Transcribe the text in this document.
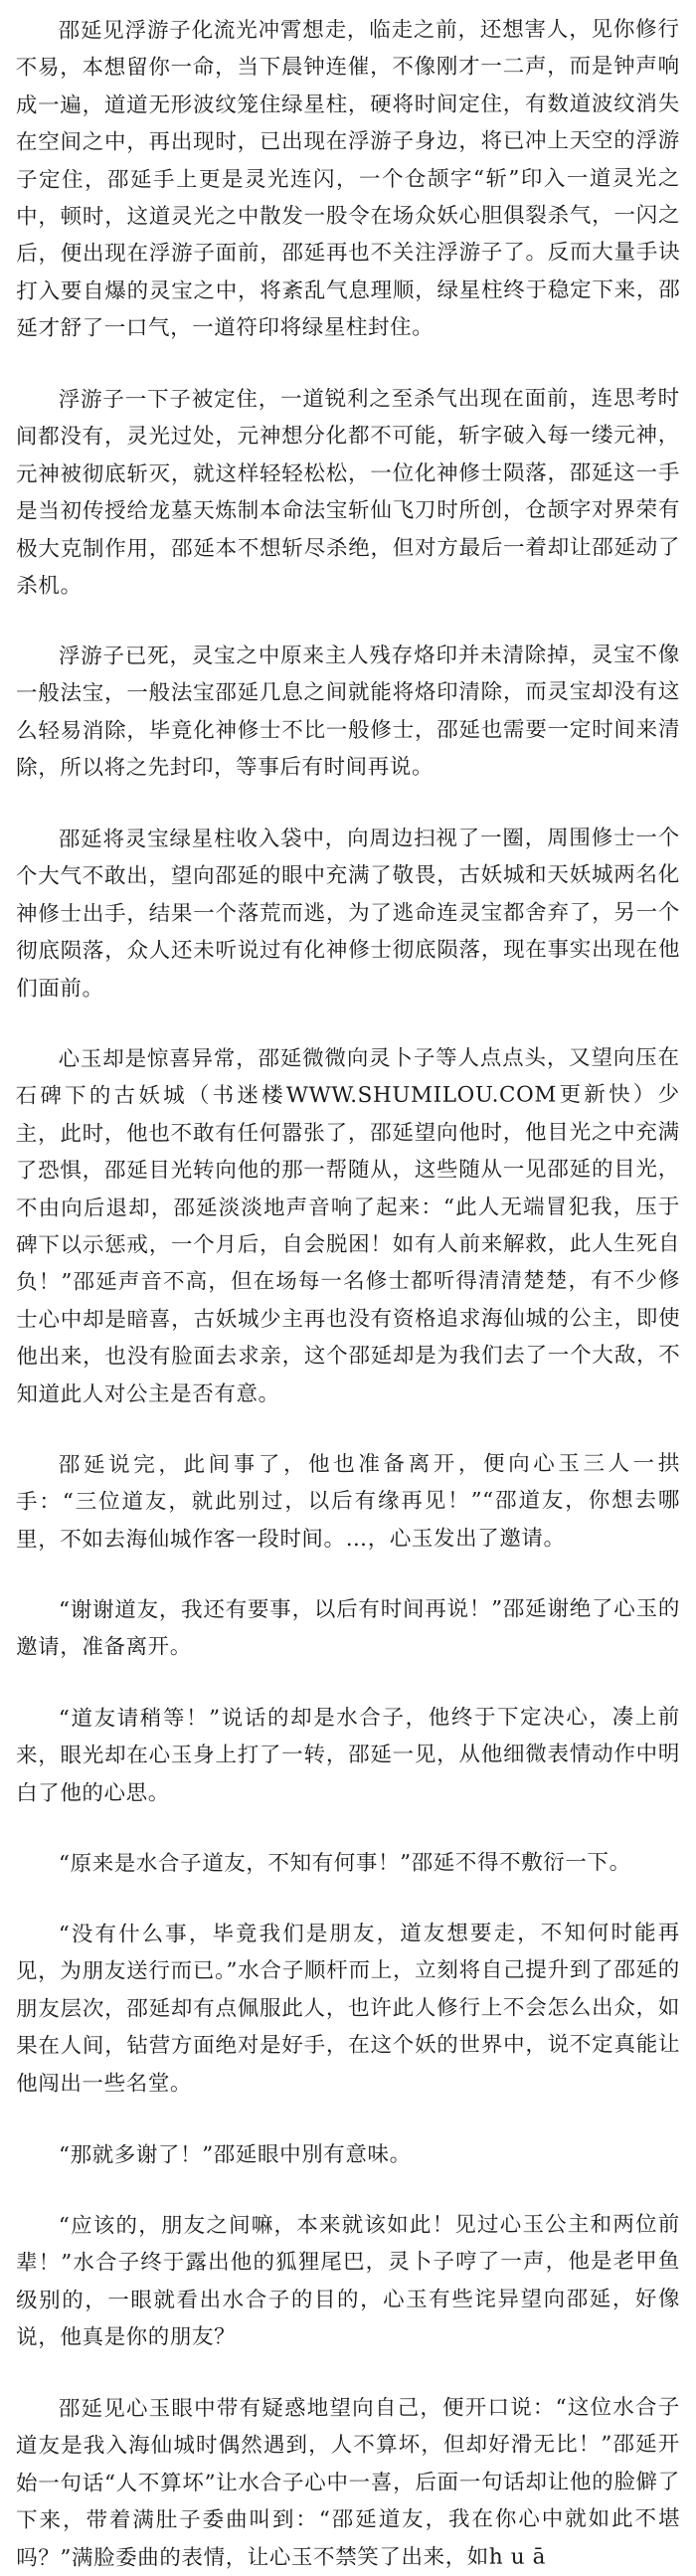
邵延见浮游子化流光冲霄想走，临走之前，还想害人，见你修行不易，本想留你一命，当下晨钟连催，不像刚才一二声，而是钟声响成一遍，道道无形波纹笼住绿星柱，硬将时间定住，有数道波纹消失在空间之中，再出现时，已出现在浮游子身边，将已冲上天空的浮游子定住，邵延手上更是灵光连闪，一个仓颉字“斩”印入一道灵光之中，顿时，这道灵光之中散发一股令在场众妖心胆俱裂杀气，一闪之后，便出现在浮游子面前，邵延再也不关注浮游子了。反而大量手诀打入要自爆的灵宝之中，将紊乱气息理顺，绿星柱终于稳定下来，邵延才舒了一口气，一道符印将绿星柱封住。

浮游子一下子被定住，一道锐利之至杀气出现在面前，连思考时间都没有，灵光过处，元神想分化都不可能，斩字破入每一缕元神，元神被彻底斩灭，就这样轻轻松松，一位化神修士陨落，邵延这一手是当初传授给龙墓天炼制本命法宝斩仙飞刀时所创，仓颉字对界荣有极大克制作用，邵延本不想斩尽杀绝，但对方最后一着却让邵延动了杀机。

浮游子已死，灵宝之中原来主人残存烙印并未清除掉，灵宝不像一般法宝，一般法宝邵延几息之间就能将烙印清除，而灵宝却没有这么轻易消除，毕竟化神修士不比一般修士，邵延也需要一定时间来清除，所以将之先封印，等事后有时间再说。

邵延将灵宝绿星柱收入袋中，向周边扫视了一圈，周围修士一个个大气不敢出，望向邵延的眼中充满了敬畏，古妖城和天妖城两名化神修士出手，结果一个落荒而逃，为了逃命连灵宝都舍弃了，另一个彻底陨落，众人还未听说过有化神修士彻底陨落，现在事实出现在他们面前。

心玉却是惊喜异常，邵延微微向灵卜子等人点点头，又望向压在石碑下的古妖城（书迷楼WWW.SHUMILOU.COM更新快）少主，此时，他也不敢有任何嚣张了，邵延望向他时，他目光之中充满了恐惧，邵延目光转向他的那一帮随从，这些随从一见邵延的目光，不由向后退却，邵延淡淡地声音响了起来：“此人无端冒犯我，压于碑下以示惩戒，一个月后，自会脱困！如有人前来解救，此人生死自负！”邵延声音不高，但在场每一名修士都听得清清楚楚，有不少修士心中却是暗喜，古妖城少主再也没有资格追求海仙城的公主，即使他出来，也没有脸面去求亲，这个邵延却是为我们去了一个大敌，不知道此人对公主是否有意。

邵延说完，此间事了，他也准备离开，便向心玉三人一拱手：“三位道友，就此别过，以后有缘再见！”“邵道友，你想去哪里，不如去海仙城作客一段时间。…，心玉发出了邀请。

“谢谢道友，我还有要事，以后有时间再说！”邵延谢绝了心玉的邀请，准备离开。

“道友请稍等！”说话的却是水合子，他终于下定决心，凑上前来，眼光却在心玉身上打了一转，邵延一见，从他细微表情动作中明白了他的心思。

“原来是水合子道友，不知有何事！”邵延不得不敷衍一下。

“没有什么事，毕竟我们是朋友，道友想要走，不知何时能再见，为朋友送行而已。”水合子顺杆而上，立刻将自己提升到了邵延的朋友层次，邵延却有点佩服此人，也许此人修行上不会怎么出众，如果在人间，钻营方面绝对是好手，在这个妖的世界中，说不定真能让他闯出一些名堂。

“那就多谢了！”邵延眼中別有意味。

“应该的，朋友之间嘛，本来就该如此！见过心玉公主和两位前辈！”水合子终于露出他的狐狸尾巴，灵卜子哼了一声，他是老甲鱼级别的，一眼就看出水合子的目的，心玉有些诧异望向邵延，好像说，他真是你的朋友？

邵延见心玉眼中带有疑惑地望向自己，便开口说：“这位水合子道友是我入海仙城时偶然遇到，人不算坏，但却好滑无比！”邵延开始一句话“人不算坏”让水合子心中一喜，后面一句话却让他的脸僻了下来，带着满肚子委曲叫到：“邵延道友，我在你心中就如此不堪吗？”满脸委曲的表情，让心玉不禁笑了出来，如h u ā
